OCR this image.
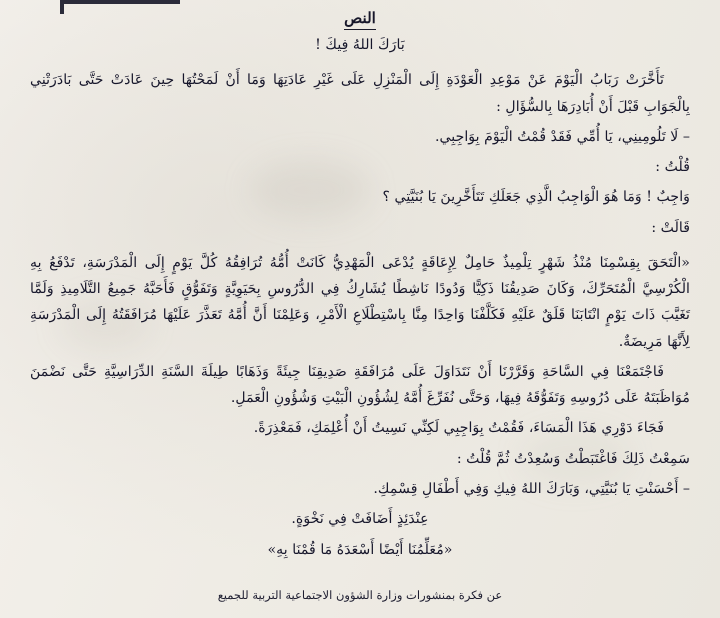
النص

بَارَكَ اللهُ فِيكَ !

تَأَخَّرَتْ رَبَابُ الْيَوْمَ عَنْ مَوْعِدِ الْعَوْدَةِ إِلَى الْمَنْزِلِ عَلَى غَيْرِ عَادَتِهَا وَمَا أَنْ لَمَحْتُهَا حِينَ عَادَتْ حَتَّى بَادَرَتْنِي بِالْجَوَابِ قَبْلَ أَنْ أُبَادِرَهَا بِالسُّؤَالِ :

– لَا تَلُومِينِي، يَا أُمِّي فَقَدْ قُمْتُ الْيَوْمَ بِوَاجِبِي.

قُلْتُ :

وَاجِبٌ ! وَمَا هُوَ الْوَاجِبُ الَّذِي جَعَلَكِ تَتَأَخَّرِينَ يَا بُنَيَّتِي ؟

قَالَتْ :

«الْتَحَقَ بِقِسْمِنَا مُنْذُ شَهْرٍ تِلْمِيذٌ حَامِلٌ لِإِعَاقَةٍ يُدْعَى الْمَهْدِيُّ كَانَتْ أُمُّهُ تُرَافِقُهُ كُلَّ يَوْمٍ إِلَى الْمَدْرَسَةِ، تَدْفَعُ بِهِ الْكُرْسِيَّ الْمُتَحَرِّكَ، وَكَانَ صَدِيقُنَا ذَكِيًّا وَدُودًا نَاشِطًا يُشَارِكُ فِي الدُّرُوسِ بِحَيَوِيَّةٍ وَتَفَوُّقٍ فَأَحَبَّهُ جَمِيعُ التَّلَامِيذِ وَلَمَّا تَغَيَّبَ ذَاتَ يَوْمٍ انْتَابَنَا قَلَقٌ عَلَيْهِ فَكَلَّفْنَا وَاحِدًا مِنَّا بِاسْتِطْلَاعِ الْأَمْرِ، وَعَلِمْنَا أَنَّ أُمَّهُ تَعَذَّرَ عَلَيْهَا مُرَافَقَتُهُ إِلَى الْمَدْرَسَةِ لِأَنَّهَا مَرِيضَةٌ.

فَاجْتَمَعْنَا فِي السَّاحَةِ وَقَرَّرْنَا أَنْ نَتَدَاوَلَ عَلَى مُرَافَقَةِ صَدِيقِنَا جِيئَةً وَذَهَابًا طِيلَةَ السَّنَةِ الدِّرَاسِيَّةِ حَتَّى نَضْمَنَ مُوَاظَبَتَهُ عَلَى دُرُوسِهِ وَتَفَوُّقَهُ فِيهَا، وَحَتَّى نُفَرِّغَ أُمَّهُ لِشُؤُونِ الْبَيْتِ وَشُؤُونِ الْعَمَلِ.

فَجَاءَ دَوْرِي هَذَا الْمَسَاءَ، فَقُمْتُ بِوَاجِبِي لَكِنِّي نَسِيتُ أَنْ أُعْلِمَكِ، فَمَعْذِرَةً.

سَمِعْتُ ذَلِكَ فَاغْتَبَطْتُ وَسُعِدْتُ ثُمَّ قُلْتُ :

– أَحْسَنْتِ يَا بُنَيَّتِي، وَبَارَكَ اللهُ فِيكِ وَفِي أَطْفَالِ قِسْمِكِ.

عِنْدَئِذٍ أَضَافَتْ فِي نَخْوَةٍ.

«مُعَلِّمُنَا أَيْضًا أَسْعَدَهُ مَا قُمْنَا بِهِ»

عن فكرة بمنشورات وزارة الشؤون الاجتماعية التربية للجميع
